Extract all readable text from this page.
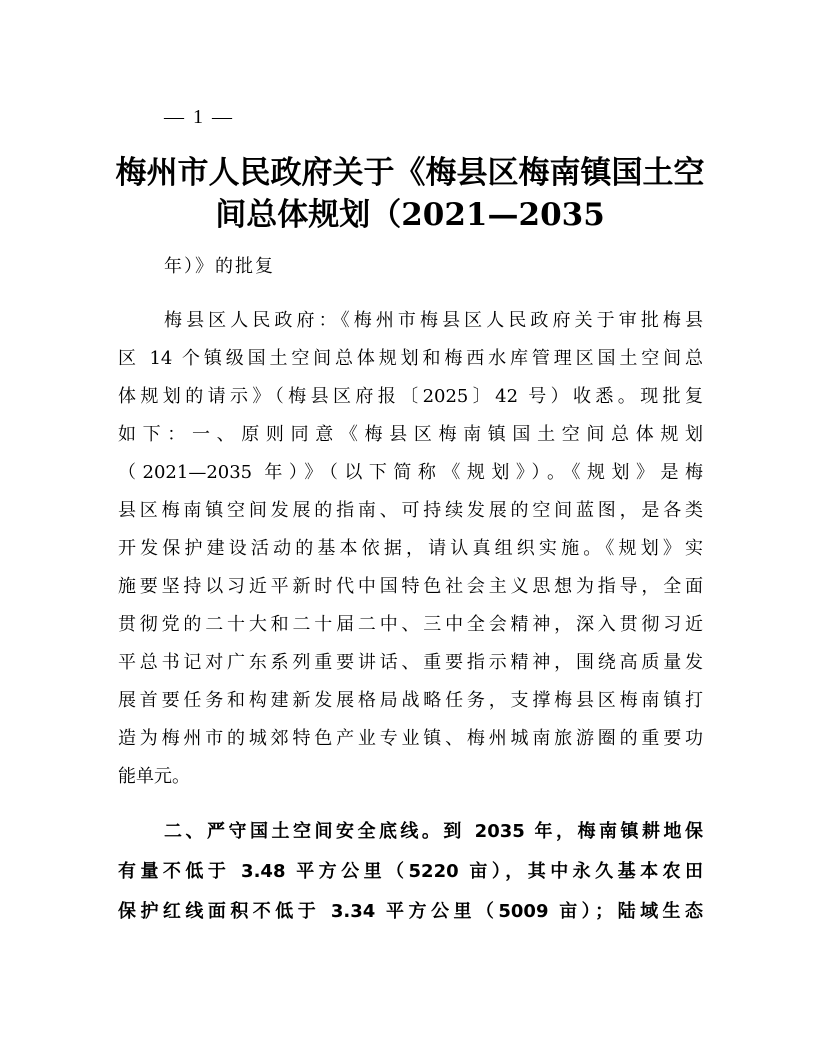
— 1 —
梅州市人民政府关于《梅县区梅南镇国土空
间总体规划（2021—2035
年）》的批复
梅县区人民政府：《梅州市梅县区人民政府关于审批梅县
区 14 个镇级国土空间总体规划和梅西水库管理区国土空间总
体规划的请示》（梅县区府报〔2025〕42 号）收悉。现批复
如下：一、原则同意《梅县区梅南镇国土空间总体规划
（2021—2035 年）》（以下简称《规划》）。《规划》是梅
县区梅南镇空间发展的指南、可持续发展的空间蓝图，是各类
开发保护建设活动的基本依据，请认真组织实施。《规划》实
施要坚持以习近平新时代中国特色社会主义思想为指导，全面
贯彻党的二十大和二十届二中、三中全会精神，深入贯彻习近
平总书记对广东系列重要讲话、重要指示精神，围绕高质量发
展首要任务和构建新发展格局战略任务，支撑梅县区梅南镇打
造为梅州市的城郊特色产业专业镇、梅州城南旅游圈的重要功
能单元。
二、严守国土空间安全底线。到 2035 年，梅南镇耕地保
有量不低于 3.48 平方公里（5220 亩），其中永久基本农田
保护红线面积不低于 3.34 平方公里（5009 亩）；陆域生态
